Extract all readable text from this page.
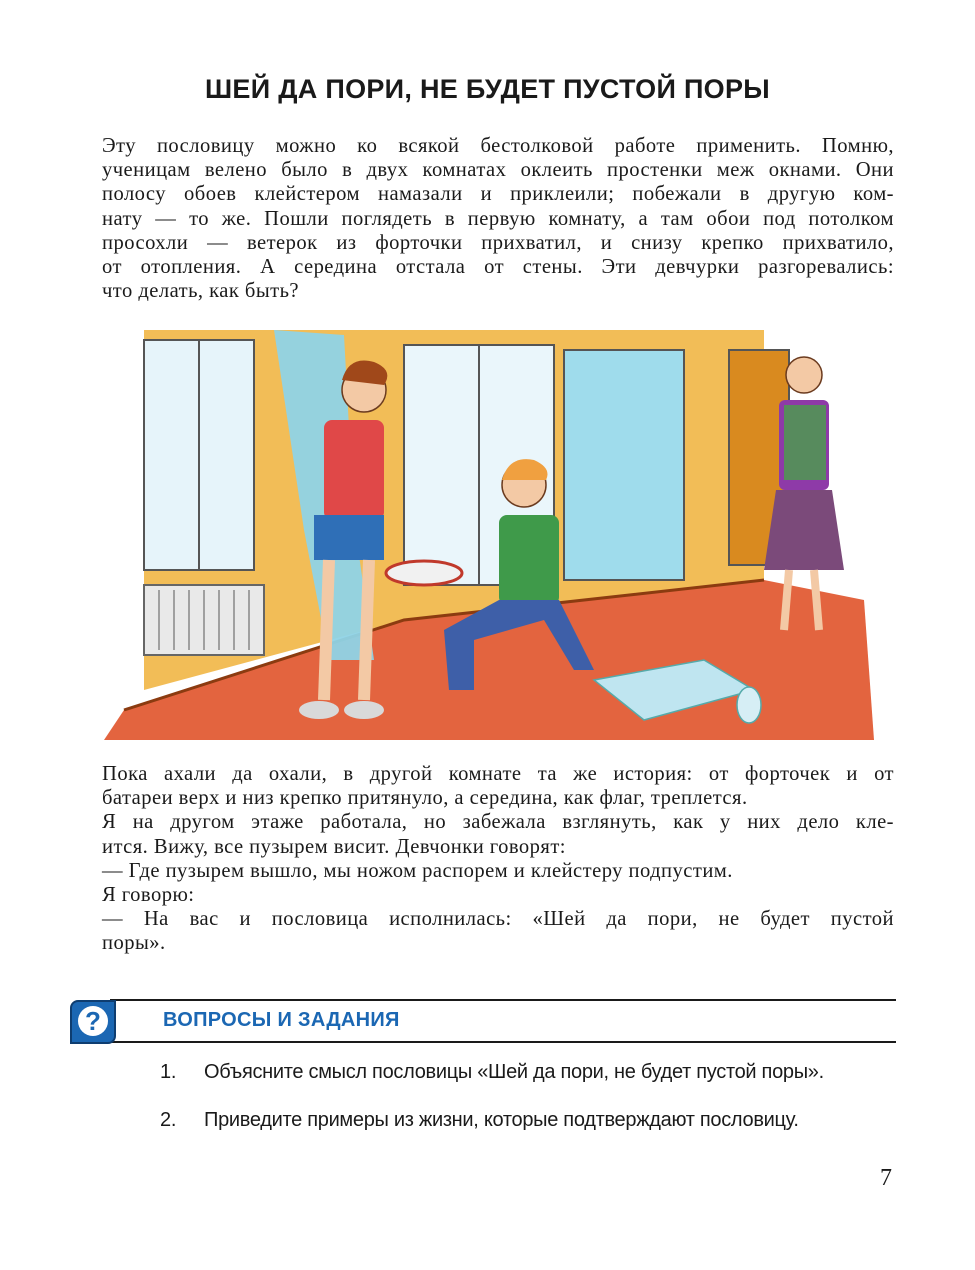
ШЕЙ ДА ПОРИ, НЕ БУДЕТ ПУСТОЙ ПОРЫ
Эту пословицу можно ко всякой бестолковой работе применить. Помню,
ученицам велено было в двух комнатах оклеить простенки меж окнами. Они
полосу обоев клейстером намазали и приклеили; побежали в другую ком-
нату — то же. Пошли поглядеть в первую комнату, а там обои под потолком
просохли — ветерок из форточки прихватил, и снизу крепко прихватило,
от отопления. А середина отстала от стены. Эти девчурки разгоревались:
что делать, как быть?
Пока ахали да охали, в другой комнате та же история: от форточек и от
батареи верх и низ крепко притянуло, а середина, как флаг, треплется.
Я на другом этаже работала, но забежала взглянуть, как у них дело кле-
ится. Вижу, все пузырем висит. Девчонки говорят:
— Где пузырем вышло, мы ножом распорем и клейстеру подпустим.
Я говорю:
— На вас и пословица исполнилась: «Шей да пори, не будет пустой
поры».
?	ВОПРОСЫ И ЗАДАНИЯ
1. Объясните смысл пословицы «Шей да пори, не будет пустой поры».
2. Приведите примеры из жизни, которые подтверждают пословицу.
7
